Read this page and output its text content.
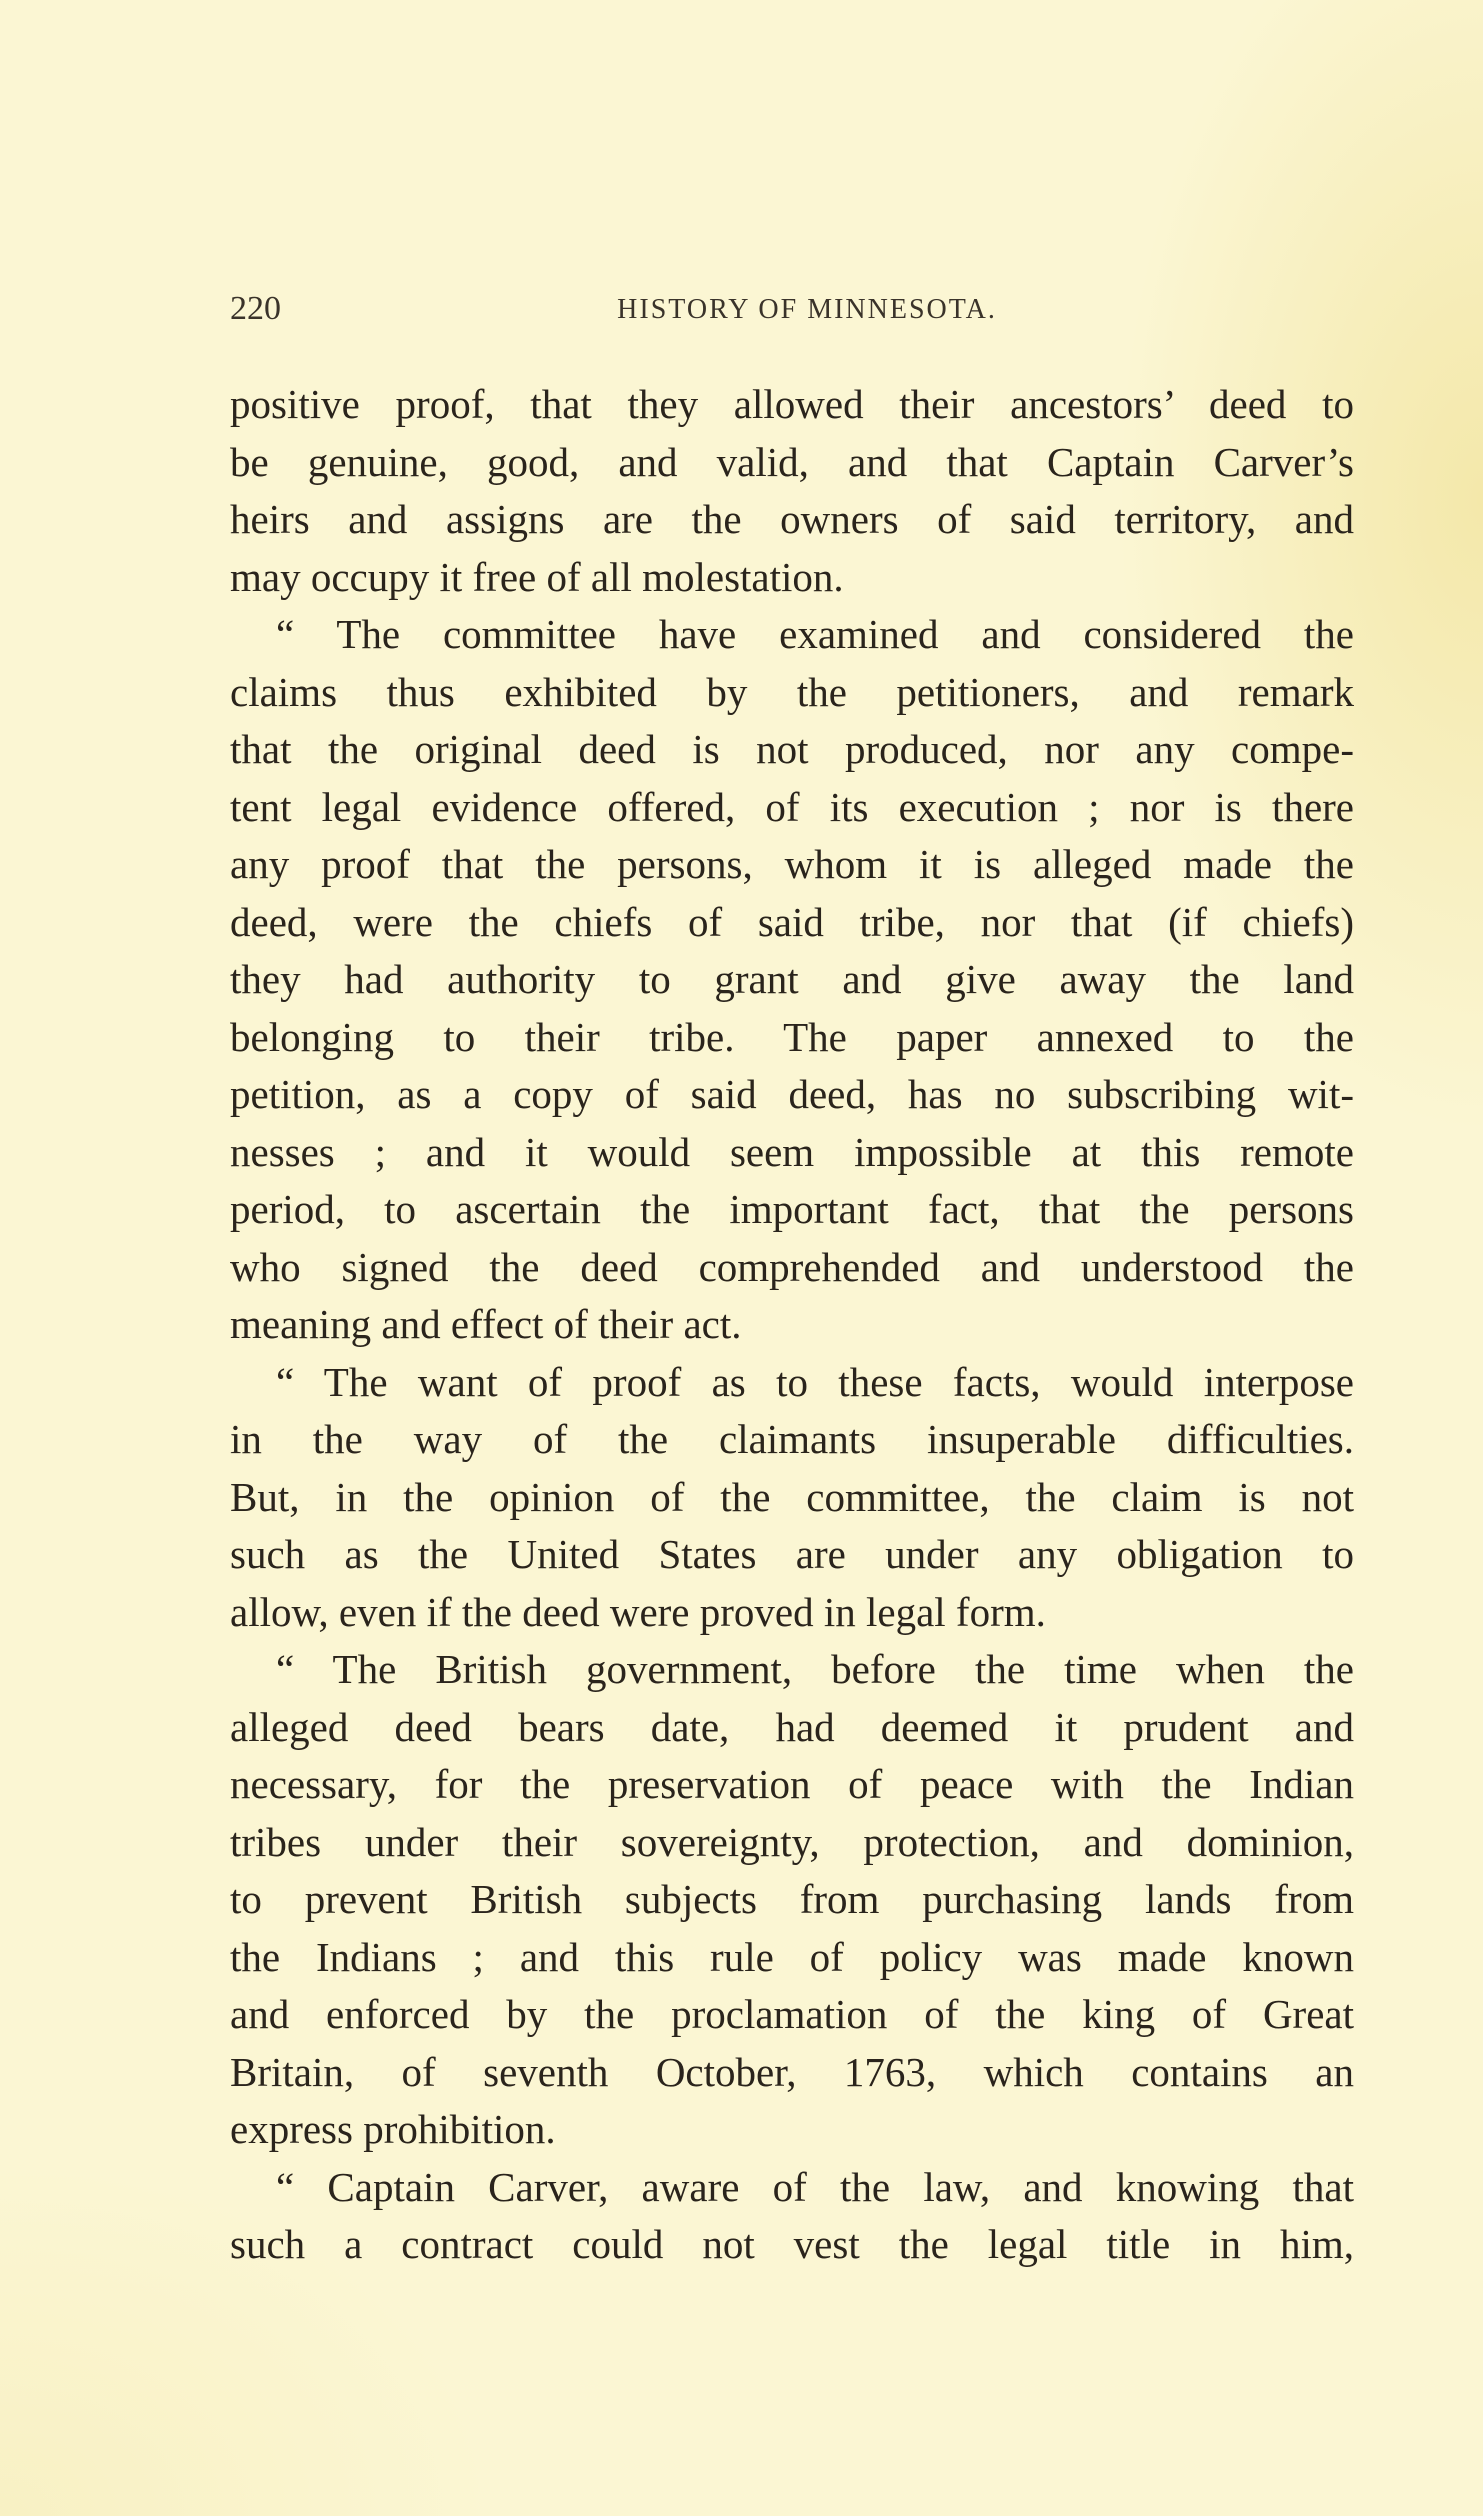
220	HISTORY OF MINNESOTA.
positive proof, that they allowed their ancestors’ deed to
be genuine, good, and valid, and that Captain Carver’s
heirs and assigns are the owners of said territory, and
may occupy it free of all molestation.
“ The committee have examined and considered the
claims thus exhibited by the petitioners, and remark
that the original deed is not produced, nor any compe-
tent legal evidence offered, of its execution ; nor is there
any proof that the persons, whom it is alleged made the
deed, were the chiefs of said tribe, nor that (if chiefs)
they had authority to grant and give away the land
belonging to their tribe. The paper annexed to the
petition, as a copy of said deed, has no subscribing wit-
nesses ; and it would seem impossible at this remote
period, to ascertain the important fact, that the persons
who signed the deed comprehended and understood the
meaning and effect of their act.
“ The want of proof as to these facts, would interpose
in the way of the claimants insuperable difficulties.
But, in the opinion of the committee, the claim is not
such as the United States are under any obligation to
allow, even if the deed were proved in legal form.
“ The British government, before the time when the
alleged deed bears date, had deemed it prudent and
necessary, for the preservation of peace with the Indian
tribes under their sovereignty, protection, and dominion,
to prevent British subjects from purchasing lands from
the Indians ; and this rule of policy was made known
and enforced by the proclamation of the king of Great
Britain, of seventh October, 1763, which contains an
express prohibition.
“ Captain Carver, aware of the law, and knowing that
such a contract could not vest the legal title in him,
